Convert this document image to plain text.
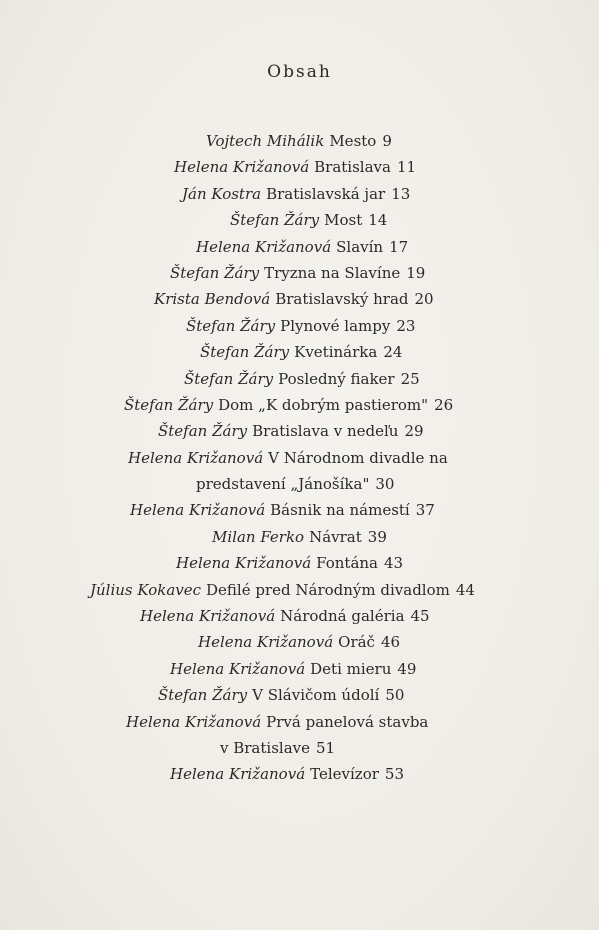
Obsah
Vojtech Mihálik Mesto 9
Helena Križanová Bratislava 11
Ján Kostra Bratislavská jar 13
Štefan Žáry Most 14
Helena Križanová Slavín 17
Štefan Žáry Tryzna na Slavíne 19
Krista Bendová Bratislavský hrad 20
Štefan Žáry Plynové lampy 23
Štefan Žáry Kvetinárka 24
Štefan Žáry Posledný fiaker 25
Štefan Žáry Dom „K dobrým pastierom" 26
Štefan Žáry Bratislava v nedeľu 29
Helena Križanová V Národnom divadle na
predstavení „Jánošíka" 30
Helena Križanová Básnik na námestí 37
Milan Ferko Návrat 39
Helena Križanová Fontána 43
Július Kokavec Defilé pred Národným divadlom 44
Helena Križanová Národná galéria 45
Helena Križanová Oráč 46
Helena Križanová Deti mieru 49
Štefan Žáry V Slávičom údolí 50
Helena Križanová Prvá panelová stavba
v Bratislave 51
Helena Križanová Televízor 53
